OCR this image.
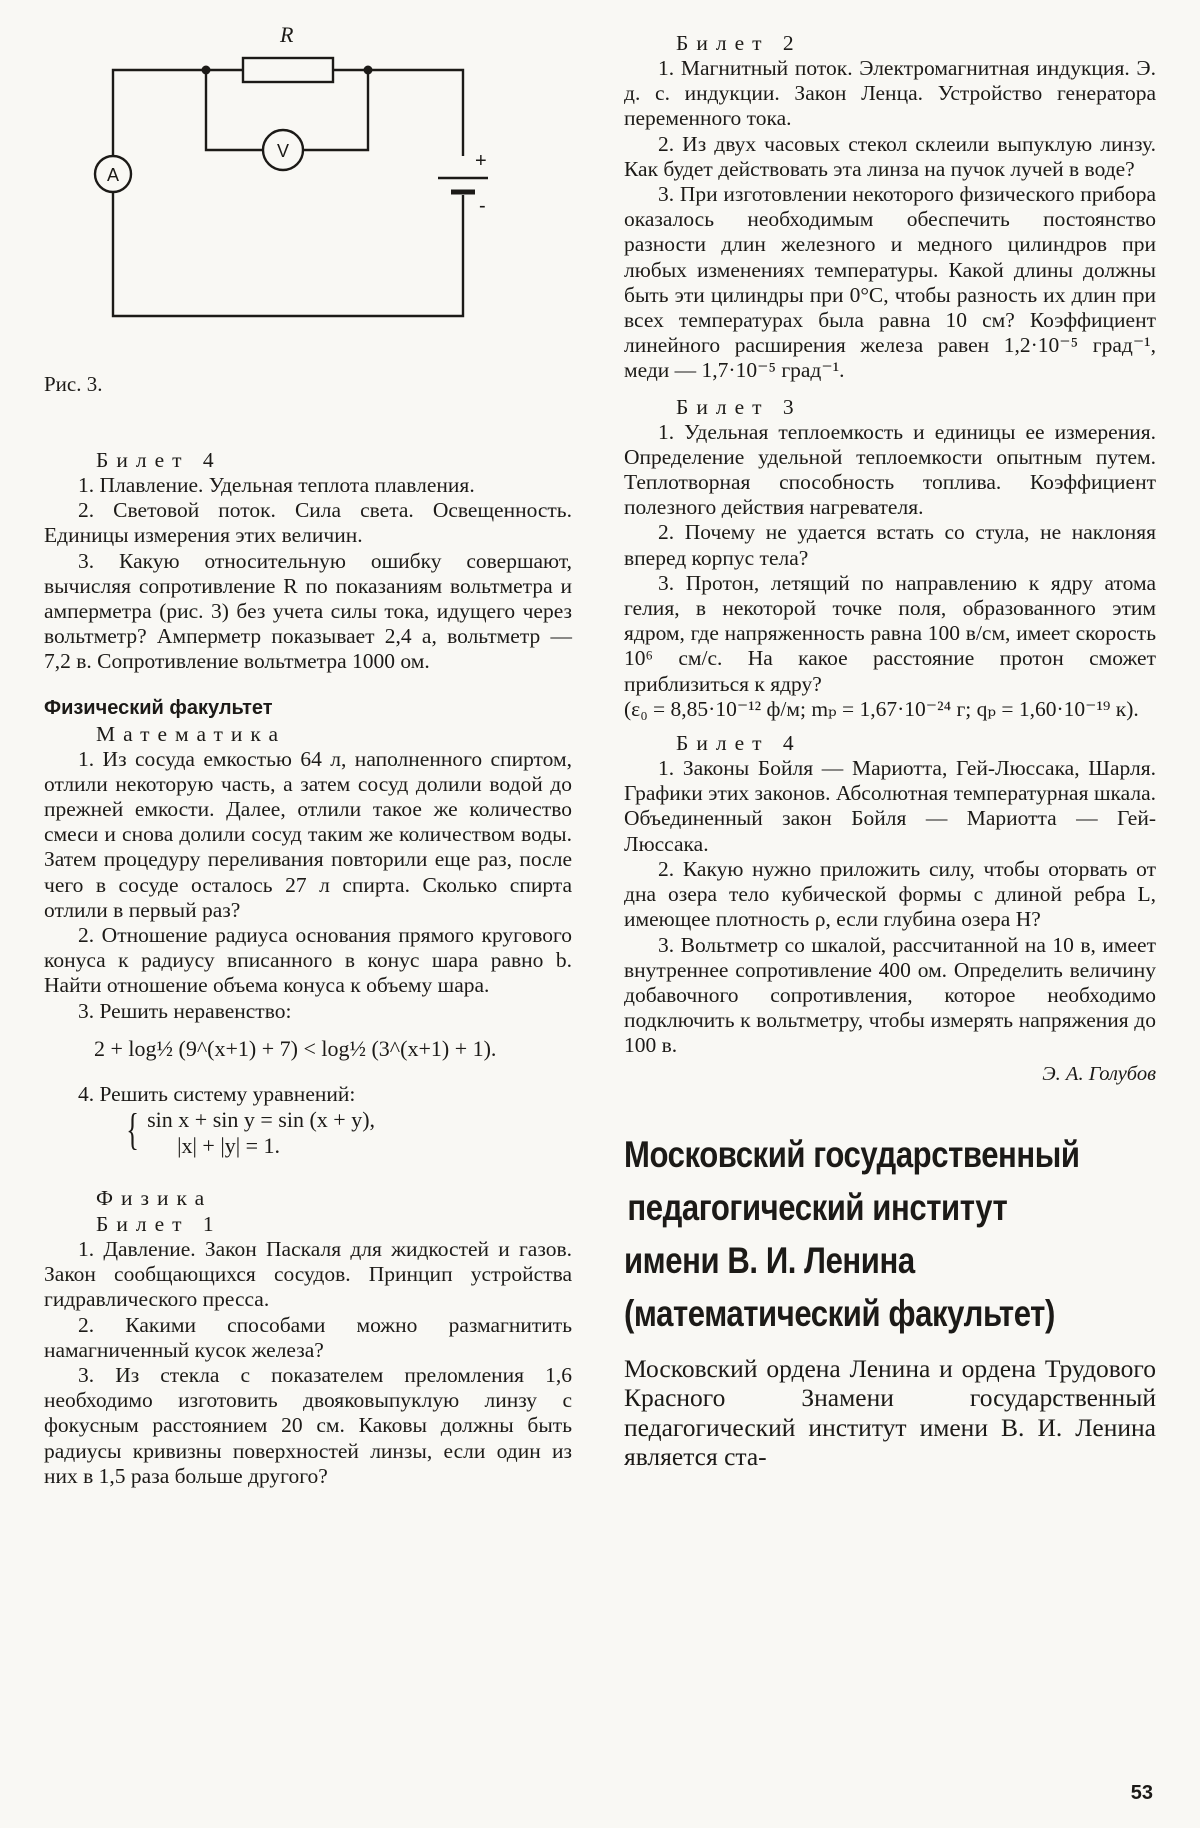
R
V
A
+
-

Рис. 3.

Билет 4

1. Плавление. Удельная теплота плавления.

2. Световой поток. Сила света. Освещенность. Единицы измерения этих величин.

3. Какую относительную ошибку совершают, вычисляя сопротивление R по показаниям вольтметра и амперметра (рис. 3) без учета силы тока, идущего через вольтметр? Амперметр показывает 2,4 а, вольтметр — 7,2 в. Сопротивление вольтметра 1000 ом.

Физический факультет
Математика

1. Из сосуда емкостью 64 л, наполненного спиртом, отлили некоторую часть, а затем сосуд долили водой до прежней емкости. Далее, отлили такое же количество смеси и снова долили сосуд таким же количеством воды. Затем процедуру переливания повторили еще раз, после чего в сосуде осталось 27 л спирта. Сколько спирта отлили в первый раз?

2. Отношение радиуса основания прямого кругового конуса к радиусу вписанного в конус шара равно b. Найти отношение объема конуса к объему шара.

3. Решить неравенство:

2 + log½ (9^(x+1) + 7) < log½ (3^(x+1) + 1).

4. Решить систему уравнений:

{ sin x + sin y = sin (x + y),

|x| + |y| = 1.

Физика
Билет 1

1. Давление. Закон Паскаля для жидкостей и газов. Закон сообщающихся сосудов. Принцип устройства гидравлического пресса.

2. Какими способами можно размагнитить намагниченный кусок железа?

3. Из стекла с показателем преломления 1,6 необходимо изготовить двояковыпуклую линзу с фокусным расстоянием 20 см. Каковы должны быть радиусы кривизны поверхностей линзы, если один из них в 1,5 раза больше другого?

Билет 2

1. Магнитный поток. Электромагнитная индукция. Э. д. с. индукции. Закон Ленца. Устройство генератора переменного тока.

2. Из двух часовых стекол склеили выпуклую линзу. Как будет действовать эта линза на пучок лучей в воде?

3. При изготовлении некоторого физического прибора оказалось необходимым обеспечить постоянство разности длин железного и медного цилиндров при любых изменениях температуры. Какой длины должны быть эти цилиндры при 0°С, чтобы разность их длин при всех температурах была равна 10 см? Коэффициент линейного расширения железа равен 1,2·10⁻⁵ град⁻¹, меди — 1,7·10⁻⁵ град⁻¹.

Билет 3

1. Удельная теплоемкость и единицы ее измерения. Определение удельной теплоемкости опытным путем. Теплотворная способность топлива. Коэффициент полезного действия нагревателя.

2. Почему не удается встать со стула, не наклоняя вперед корпус тела?

3. Протон, летящий по направлению к ядру атома гелия, в некоторой точке поля, образованного этим ядром, где напряженность равна 100 в/см, имеет скорость 10⁶ см/с. На какое расстояние протон сможет приблизиться к ядру?

(ε₀ = 8,85·10⁻¹² ф/м; mₚ = 1,67·10⁻²⁴ г; qₚ = 1,60·10⁻¹⁹ к).

Билет 4

1. Законы Бойля — Мариотта, Гей-Люссака, Шарля. Графики этих законов. Абсолютная температурная шкала. Объединенный закон Бойля — Мариотта — Гей-Люссака.

2. Какую нужно приложить силу, чтобы оторвать от дна озера тело кубической формы с длиной ребра L, имеющее плотность ρ, если глубина озера H?

3. Вольтметр со шкалой, рассчитанной на 10 в, имеет внутреннее сопротивление 400 ом. Определить величину добавочного сопротивления, которое необходимо подключить к вольтметру, чтобы измерять напряжения до 100 в.

Э. А. Голубов

Московский государственный
педагогический институт
имени В. И. Ленина
(математический факультет)

Московский ордена Ленина и ордена Трудового Красного Знамени государственный педагогический институт имени В. И. Ленина является ста-

53
